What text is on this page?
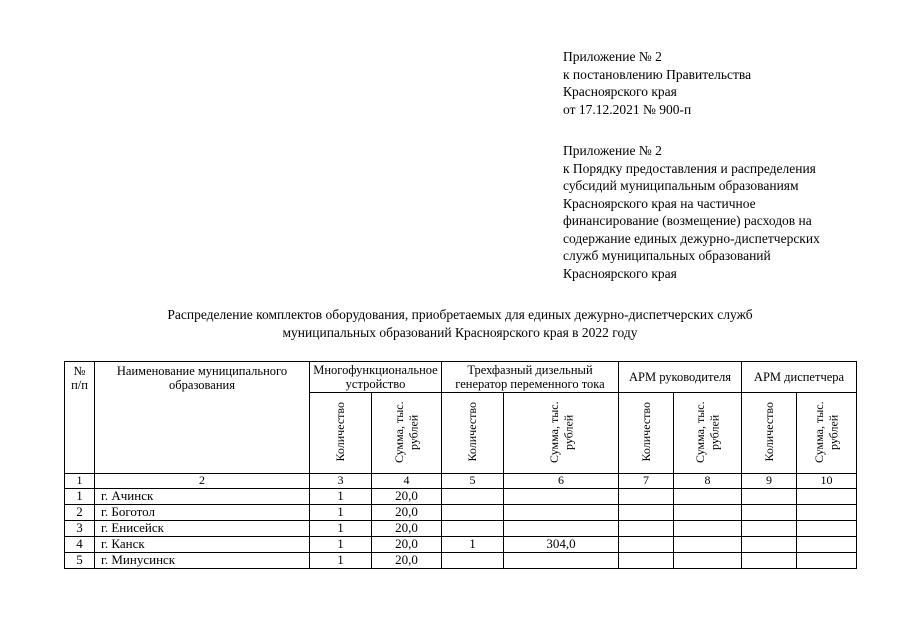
Приложение № 2
к постановлению Правительства
Красноярского края
от 17.12.2021 № 900-п
Приложение № 2
к Порядку предоставления и распределения
субсидий муниципальным образованиям
Красноярского края на частичное
финансирование (возмещение) расходов на
содержание единых дежурно-диспетчерских
служб муниципальных образований
Красноярского края
Распределение комплектов оборудования, приобретаемых для единых дежурно-диспетчерских служб
муниципальных образований Красноярского края в 2022 году
№ п/п	Наименование муниципального образования	Многофункциональное устройство		Трехфазный дизельный генератор переменного тока		АРМ руководителя		АРМ диспетчера	
		Количество	Сумма, тыс. рублей	Количество	Сумма, тыс. рублей	Количество	Сумма, тыс. рублей	Количество	Сумма, тыс. рублей
1	2	3	4	5	6	7	8	9	10
1	г. Ачинск	1	20,0						
2	г. Боготол	1	20,0						
3	г. Енисейск	1	20,0						
4	г. Канск	1	20,0	1	304,0				
5	г. Минусинск	1	20,0						
